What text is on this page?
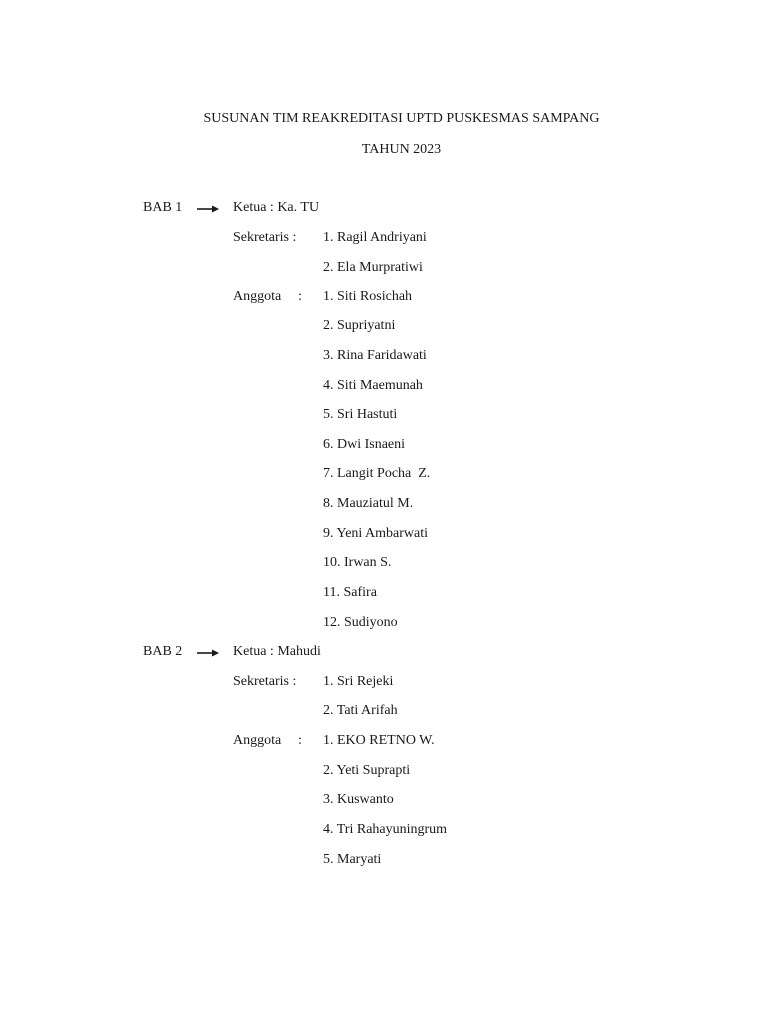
SUSUNAN TIM REAKREDITASI UPTD PUSKESMAS SAMPANG
TAHUN 2023
BAB 1	Ketua : Ka. TU
Sekretaris : 1. Ragil Andriyani
2. Ela Murpratiwi
Anggota : 1. Siti Rosichah
2. Supriyatni
3. Rina Faridawati
4. Siti Maemunah
5. Sri Hastuti
6. Dwi Isnaeni
7. Langit Pocha  Z.
8. Mauziatul M.
9. Yeni Ambarwati
10. Irwan S.
11. Safira
12. Sudiyono
BAB 2	Ketua : Mahudi
Sekretaris : 1. Sri Rejeki
2. Tati Arifah
Anggota : 1. EKO RETNO W.
2. Yeti Suprapti
3. Kuswanto
4. Tri Rahayuningrum
5. Maryati
